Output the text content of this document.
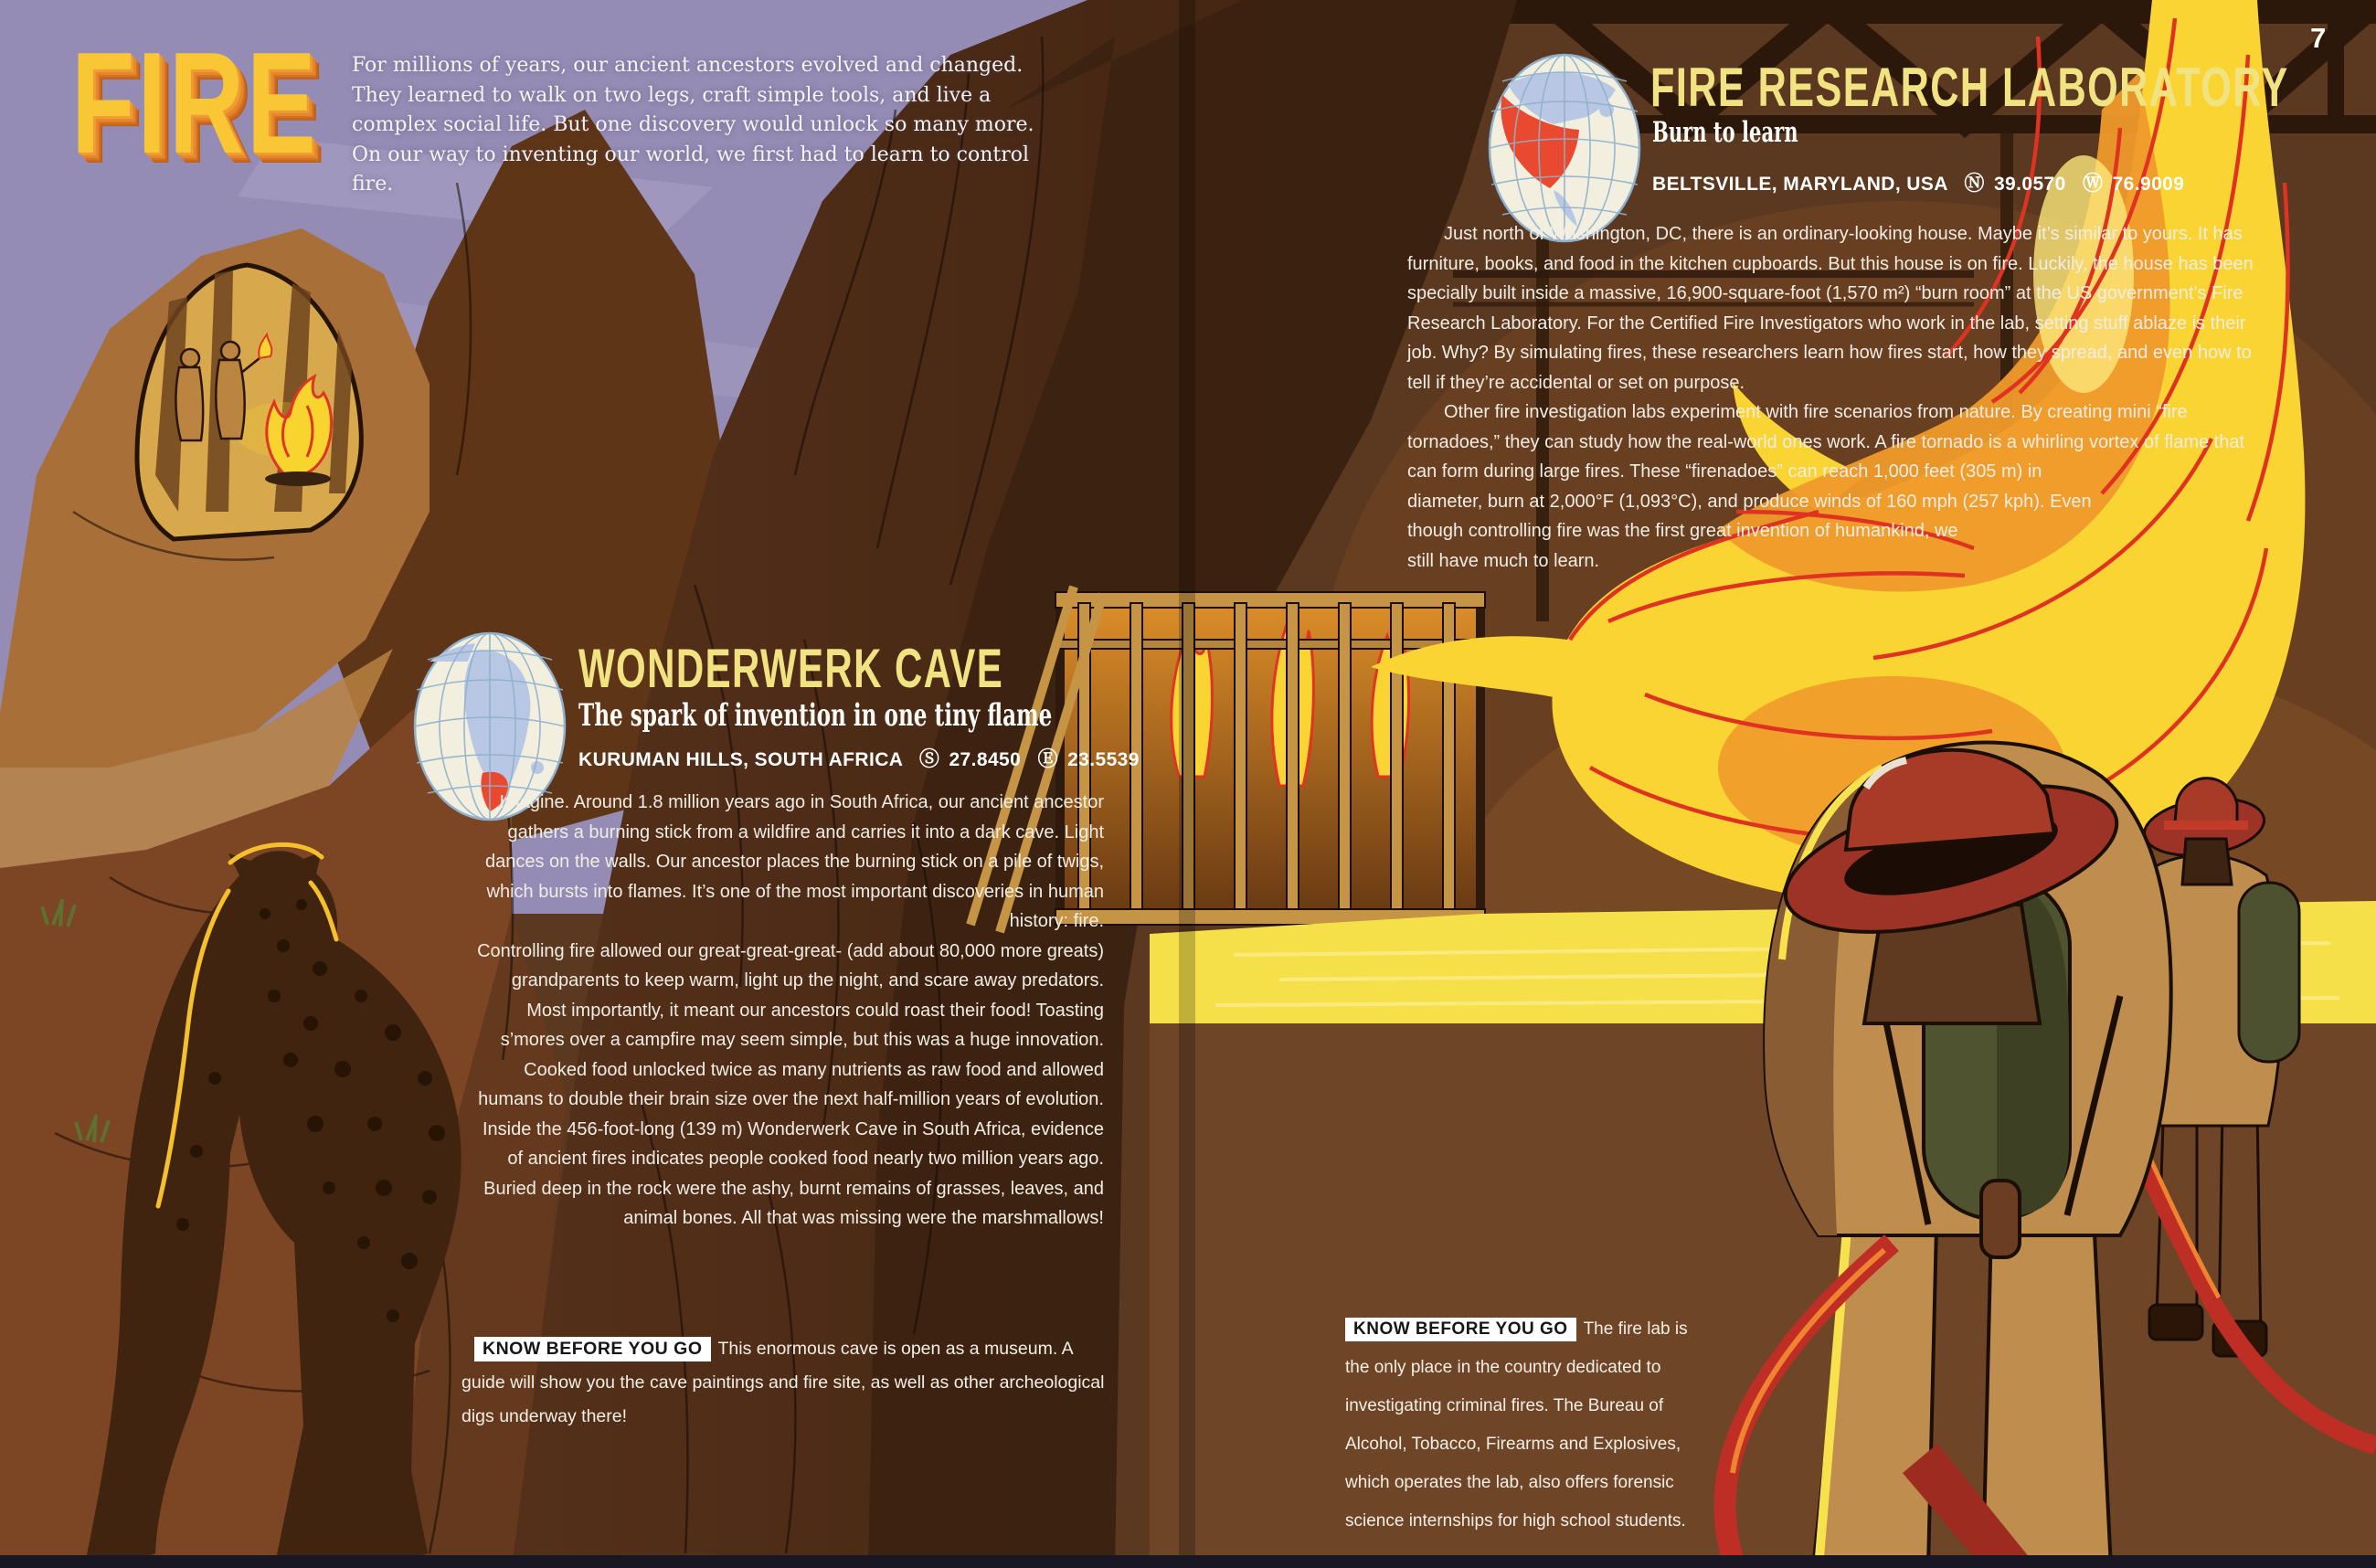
FIRE For millions of years, our ancient ancestors evolved and changed. They learned to walk on two legs, craft simple tools, and live a complex social life. But one discovery would unlock so many more. On our way to inventing our world, we first had to learn to control fire.
WONDERWERK CAVE
The spark of invention in one tiny flame
KURUMAN HILLS, SOUTH AFRICA Ⓢ 27.8450 Ⓔ 23.5539

Imagine. Around 1.8 million years ago in South Africa, our ancient ancestor gathers a burning stick from a wildfire and carries it into a dark cave. Light dances on the walls. Our ancestor places the burning stick on a pile of twigs, which bursts into flames. It’s one of the most important discoveries in human history: fire.

Controlling fire allowed our great-great-great- (add about 80,000 more greats) grandparents to keep warm, light up the night, and scare away predators. Most importantly, it meant our ancestors could roast their food! Toasting s’mores over a campfire may seem simple, but this was a huge innovation. Cooked food unlocked twice as many nutrients as raw food and allowed humans to double their brain size over the next half-million years of evolution.

Inside the 456-foot-long (139 m) Wonderwerk Cave in South Africa, evidence of ancient fires indicates people cooked food nearly two million years ago. Buried deep in the rock were the ashy, burnt remains of grasses, leaves, and animal bones. All that was missing were the marshmallows!

KNOW BEFORE YOU GO This enormous cave is open as a museum. A guide will show you the cave paintings and fire site, as well as other archeological digs underway there!
7
FIRE RESEARCH LABORATORY
Burn to learn
BELTSVILLE, MARYLAND, USA Ⓝ 39.0570 Ⓦ 76.9009

Just north of Washington, DC, there is an ordinary-looking house. Maybe it’s similar to yours. It has furniture, books, and food in the kitchen cupboards. But this house is on fire. Luckily, the house has been specially built inside a massive, 16,900-square-foot (1,570 m²) “burn room” at the US government’s Fire Research Laboratory. For the Certified Fire Investigators who work in the lab, setting stuff ablaze is their job. Why? By simulating fires, these researchers learn how fires start, how they spread, and even how to tell if they’re accidental or set on purpose.

Other fire investigation labs experiment with fire scenarios from nature. By creating mini “fire tornadoes,” they can study how the real-world ones work. A fire tornado is a whirling vortex of flame that can form during large fires. These “firenadoes” can reach 1,000 feet (305 m) in diameter, burn at 2,000°F (1,093°C), and produce winds of 160 mph (257 kph). Even though controlling fire was the first great invention of humankind, we still have much to learn.

KNOW BEFORE YOU GO The fire lab is the only place in the country dedicated to investigating criminal fires. The Bureau of Alcohol, Tobacco, Firearms and Explosives, which operates the lab, also offers forensic science internships for high school students.
